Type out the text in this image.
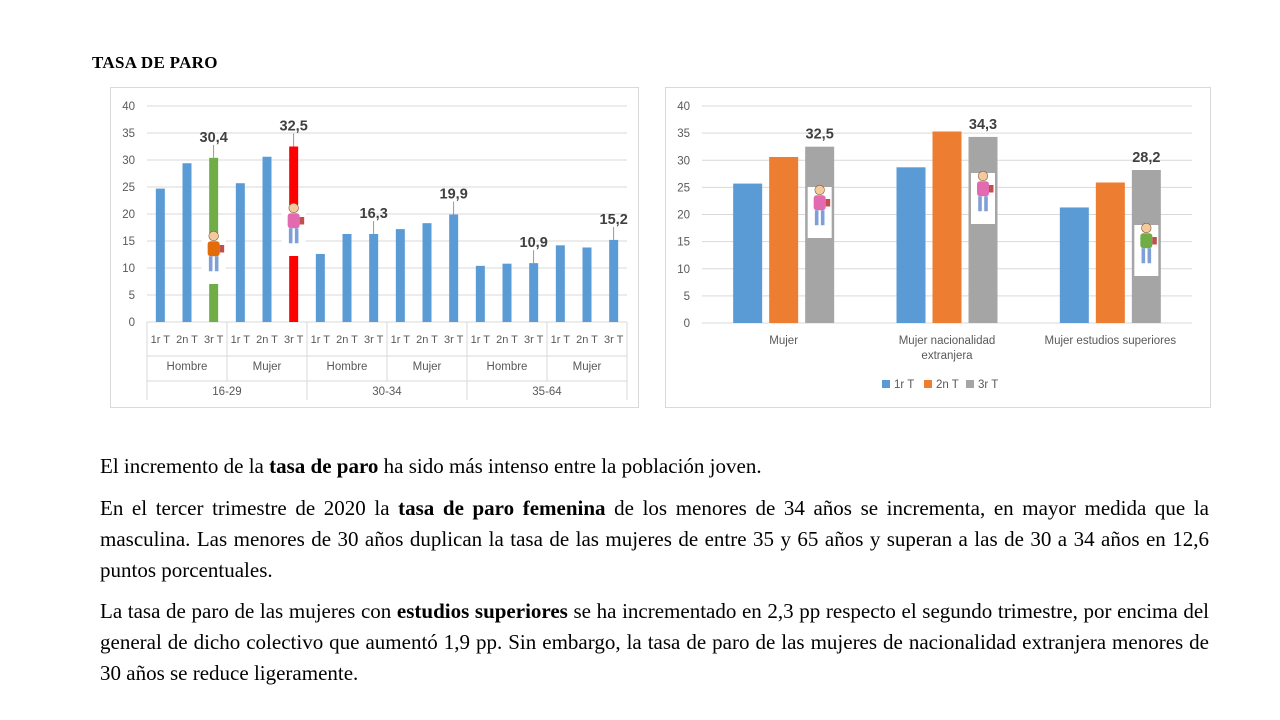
TASA DE PARO
0
5
10
15
20
25
30
35
40
1r T 2n T 3r T 1r T 2n T 3r T 1r T 2n T 3r T 1r T 2n T 3r T 1r T 2n T 3r T 1r T 2n T 3r T
Hombre	Mujer	Hombre	Mujer	Hombre	Mujer
16-29	30-34	35-64
30,4
32,5
16,3
19,9
10,9
15,2
0
5
10
15
20
25
30
35
40
32,5
Mujer
34,3
Mujer nacionalidad
extranjera
28,2
Mujer estudios superiores
1r T 2n T 3r T

El incremento de la tasa de paro ha sido más intenso entre la población joven.

En el tercer trimestre de 2020 la tasa de paro femenina de los menores de 34 años se incrementa, en mayor medida que la masculina. Las menores de 30 años duplican la tasa de las mujeres de entre 35 y 65 años y superan a las de 30 a 34 años en 12,6 puntos porcentuales.

La tasa de paro de las mujeres con estudios superiores se ha incrementado en 2,3 pp respecto el segundo trimestre, por encima del general de dicho colectivo que aumentó 1,9 pp. Sin embargo, la tasa de paro de las mujeres de nacionalidad extranjera menores de 30 años se reduce ligeramente.
